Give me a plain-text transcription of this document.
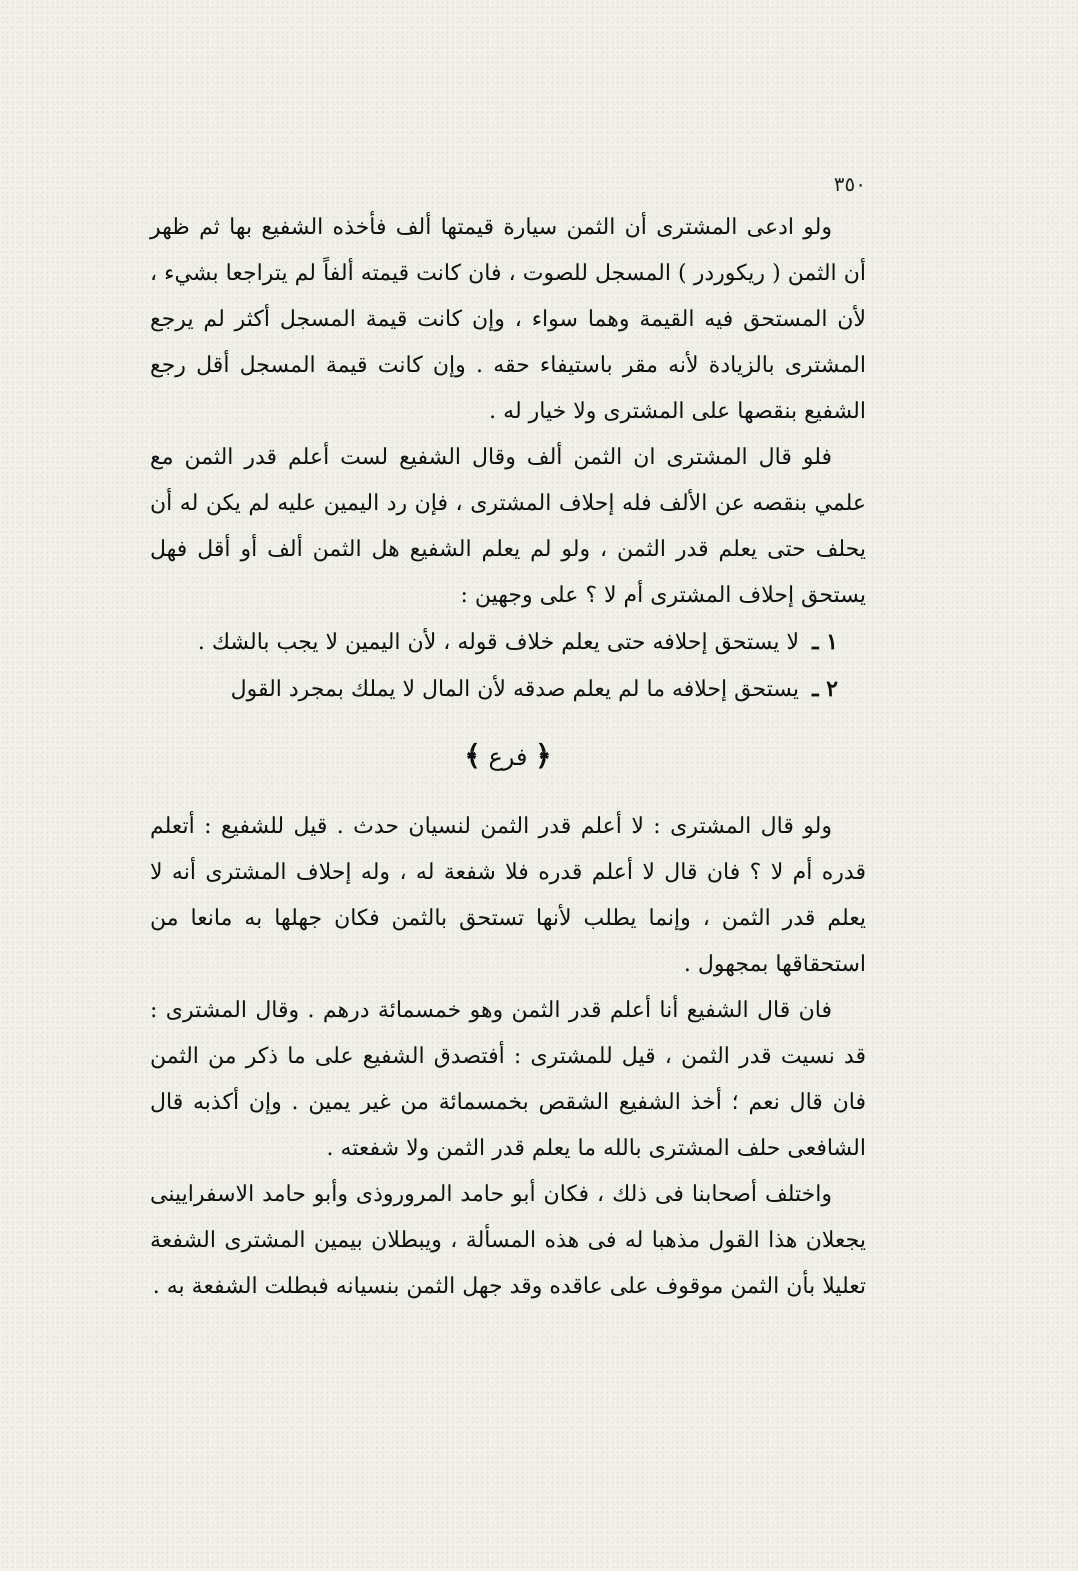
٣٥٠

ولو ادعى المشترى أن الثمن سيارة قيمتها ألف فأخذه الشفيع بها ثم ظهر أن الثمن ( ريكوردر ) المسجل للصوت ، فان كانت قيمته ألفاً لم يتراجعا بشيء ، لأن المستحق فيه القيمة وهما سواء ، وإن كانت قيمة المسجل أكثر لم يرجع المشترى بالزيادة لأنه مقر باستيفاء حقه . وإن كانت قيمة المسجل أقل رجع الشفيع بنقصها على المشترى ولا خيار له .

فلو قال المشترى ان الثمن ألف وقال الشفيع لست أعلم قدر الثمن مع علمي بنقصه عن الألف فله إحلاف المشترى ، فإن رد اليمين عليه لم يكن له أن يحلف حتى يعلم قدر الثمن ، ولو لم يعلم الشفيع هل الثمن ألف أو أقل فهل يستحق إحلاف المشترى أم لا ؟ على وجهين :

١ ـ لا يستحق إحلافه حتى يعلم خلاف قوله ، لأن اليمين لا يجب بالشك .
٢ ـ يستحق إحلافه ما لم يعلم صدقه لأن المال لا يملك بمجرد القول
﴿ فرع ﴾

ولو قال المشترى : لا أعلم قدر الثمن لنسيان حدث . قيل للشفيع : أتعلم قدره أم لا ؟ فان قال لا أعلم قدره فلا شفعة له ، وله إحلاف المشترى أنه لا يعلم قدر الثمن ، وإنما يطلب لأنها تستحق بالثمن فكان جهلها به مانعا من استحقاقها بمجهول .

فان قال الشفيع أنا أعلم قدر الثمن وهو خمسمائة درهم . وقال المشترى : قد نسيت قدر الثمن ، قيل للمشترى : أفتصدق الشفيع على ما ذكر من الثمن فان قال نعم ؛ أخذ الشفيع الشقص بخمسمائة من غير يمين . وإن أكذبه قال الشافعى حلف المشترى بالله ما يعلم قدر الثمن ولا شفعته .

واختلف أصحابنا فى ذلك ، فكان أبو حامد المروروذى وأبو حامد الاسفرايينى يجعلان هذا القول مذهبا له فى هذه المسألة ، ويبطلان بيمين المشترى الشفعة تعليلا بأن الثمن موقوف على عاقده وقد جهل الثمن بنسيانه فبطلت الشفعة به .
